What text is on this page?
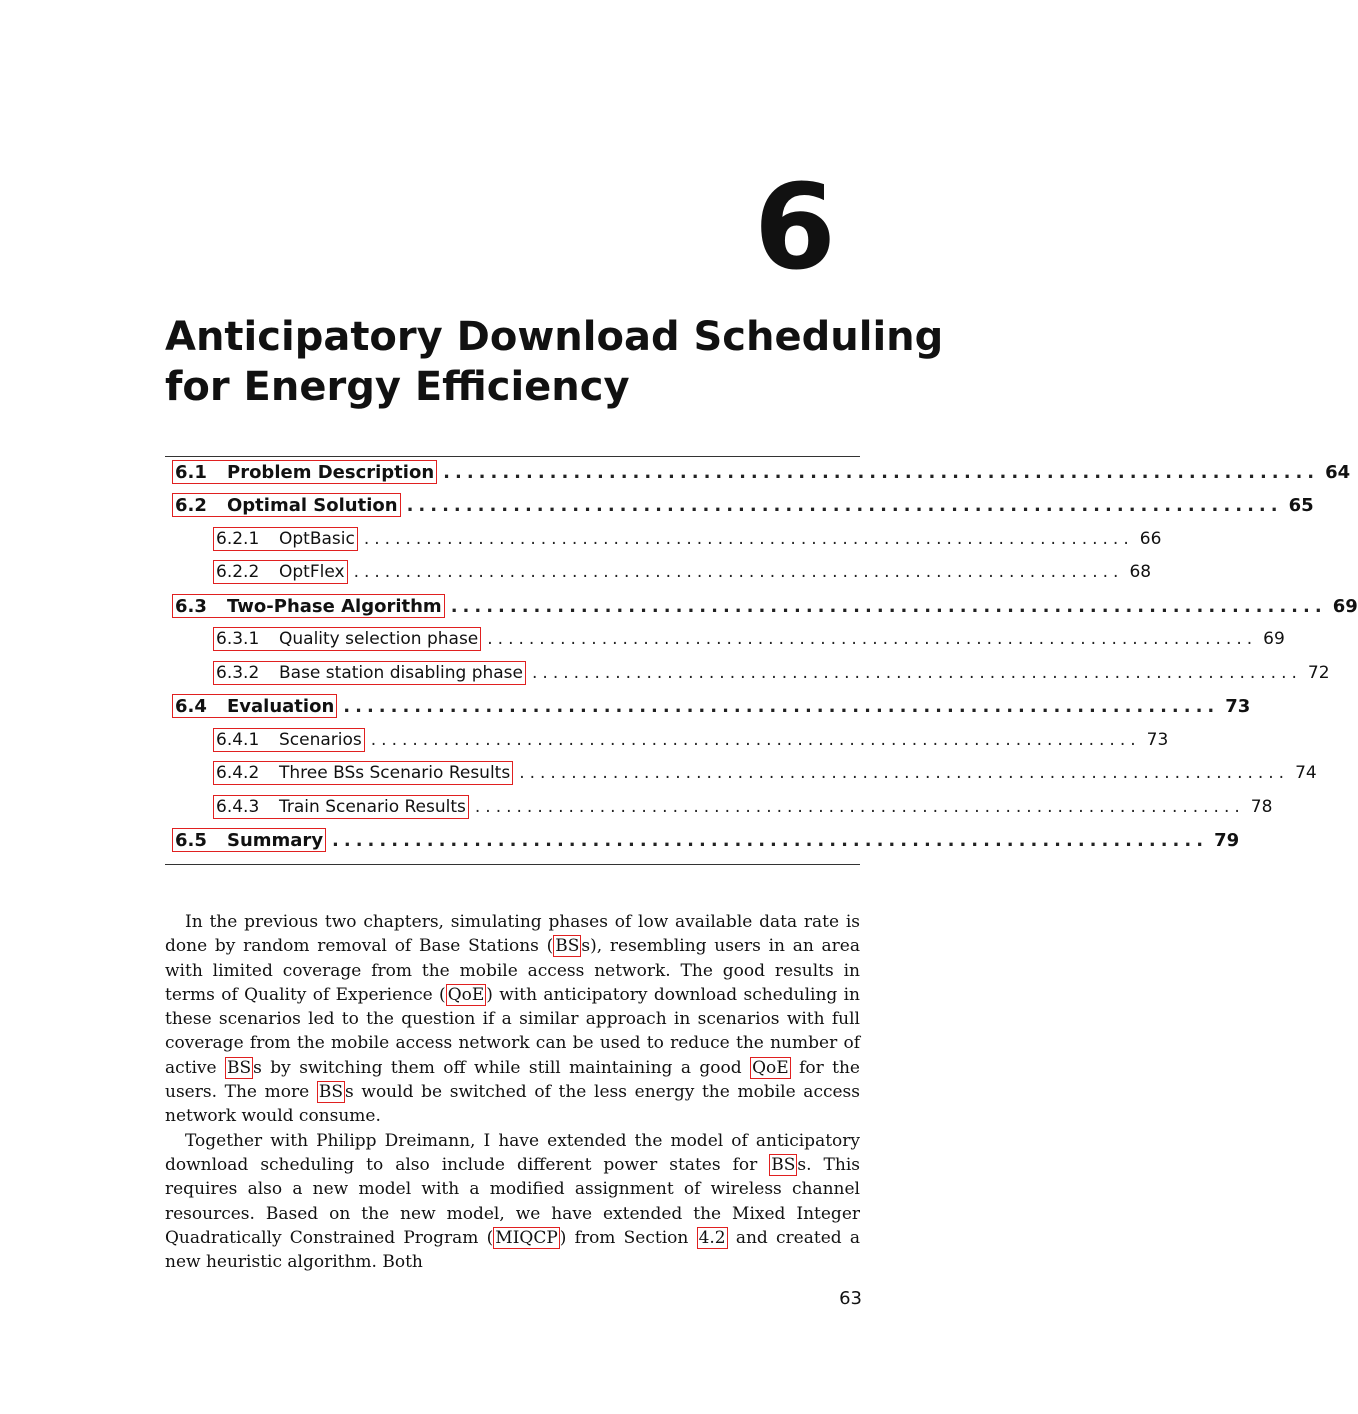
6
Anticipatory Download Scheduling
for Energy Efficiency
6.1	Problem Description .......................................................................... 64
6.2	Optimal Solution .......................................................................... 65
6.2.1	OptBasic .......................................................................... 66
6.2.2	OptFlex .......................................................................... 68
6.3	Two-Phase Algorithm .......................................................................... 69
6.3.1	Quality selection phase .......................................................................... 69
6.3.2	Base station disabling phase .......................................................................... 72
6.4	Evaluation .......................................................................... 73
6.4.1	Scenarios .......................................................................... 73
6.4.2	Three BSs Scenario Results .......................................................................... 74
6.4.3	Train Scenario Results .......................................................................... 78
6.5	Summary .......................................................................... 79

In the previous two chapters, simulating phases of low available data rate is done by random removal of Base Stations ( BS s), resembling users in an area with limited coverage from the mobile access network. The good results in terms of Quality of Experience ( QoE ) with anticipatory download scheduling in these scenarios led to the question if a similar approach in scenarios with full coverage from the mobile access network can be used to reduce the number of active BS s by switching them off while still maintaining a good QoE for the users. The more BS s would be switched of the less energy the mobile access network would consume.

Together with Philipp Dreimann, I have extended the model of anticipatory download scheduling to also include different power states for BS s. This requires also a new model with a modified assignment of wireless channel resources. Based on the new model, we have extended the Mixed Integer Quadratically Constrained Program ( MIQCP ) from Section 4.2 and created a new heuristic algorithm. Both

63
